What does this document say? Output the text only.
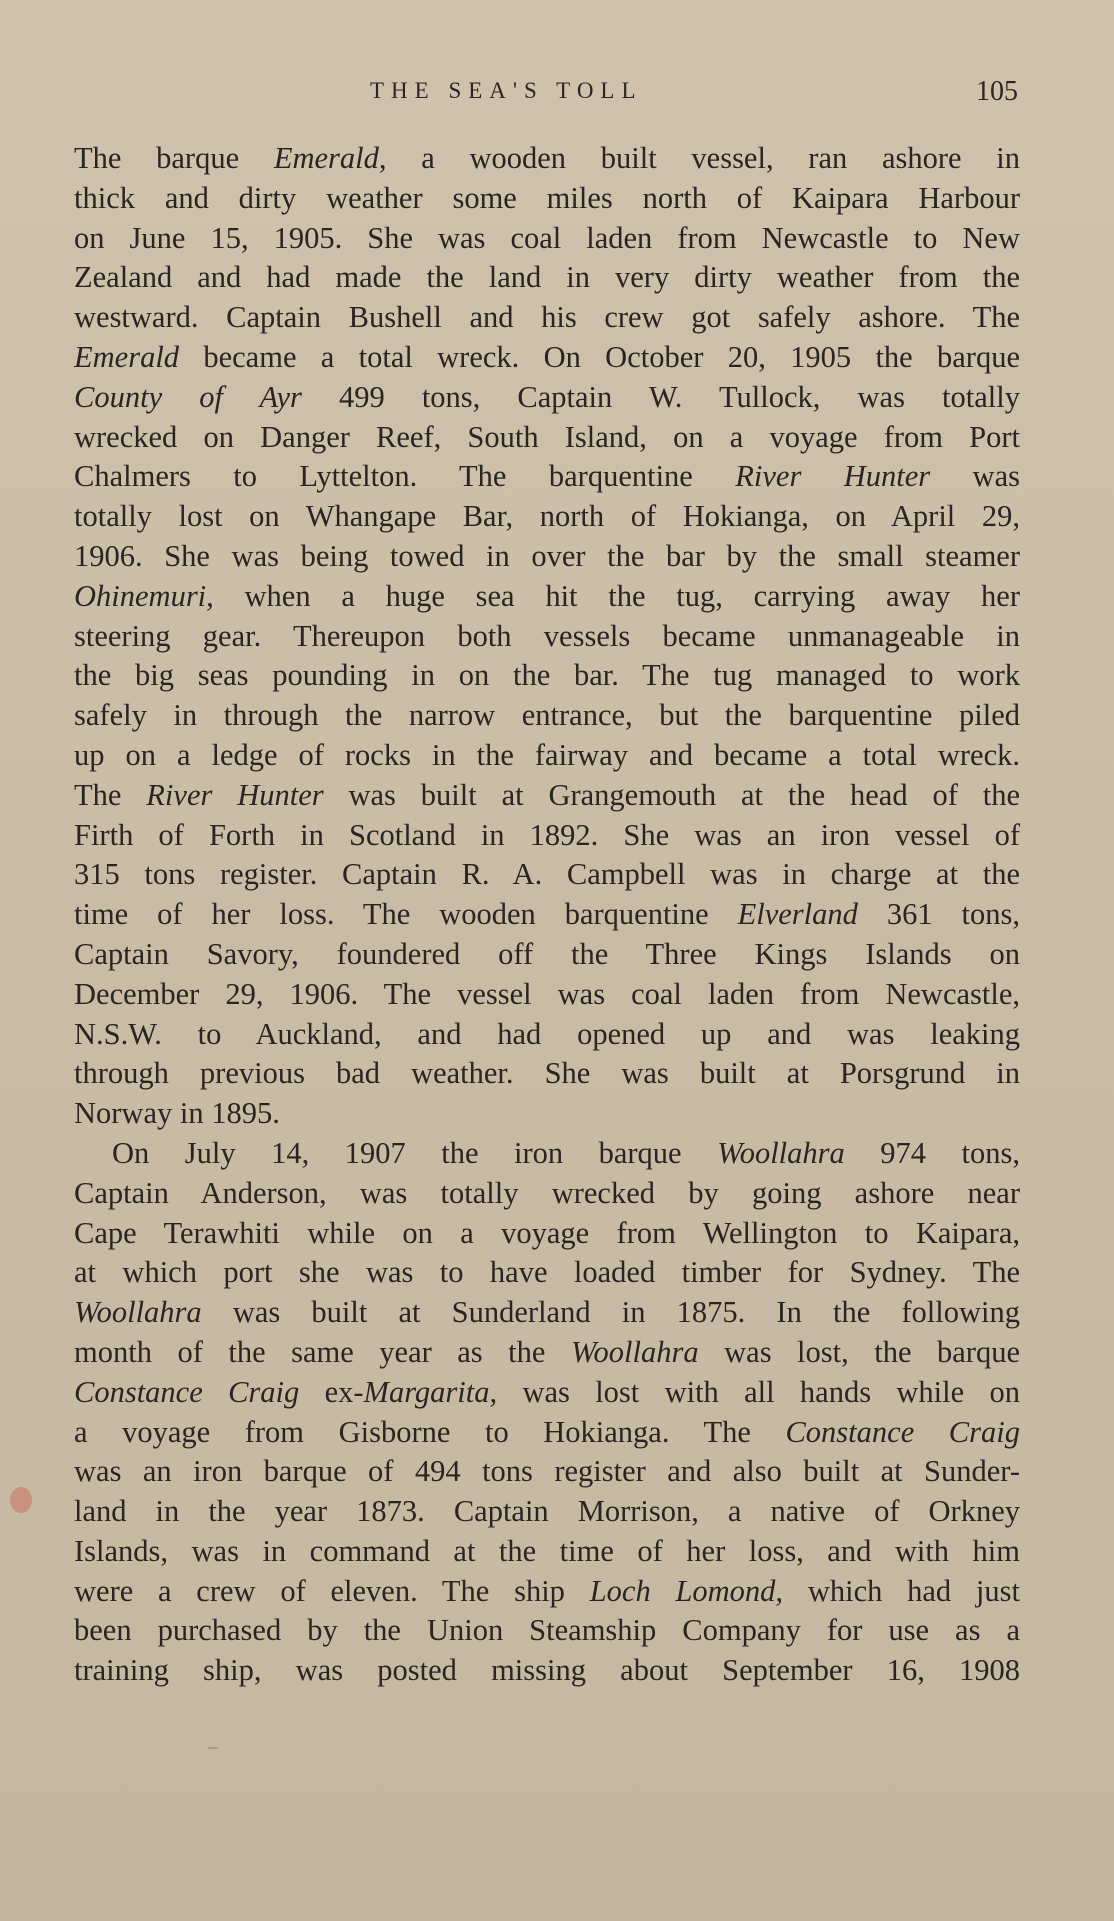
THE SEA'S TOLL	105
The barque Emerald, a wooden built vessel, ran ashore in
thick and dirty weather some miles north of Kaipara Harbour
on June 15, 1905. She was coal laden from Newcastle to New
Zealand and had made the land in very dirty weather from the
westward. Captain Bushell and his crew got safely ashore. The
Emerald became a total wreck. On October 20, 1905 the barque
County of Ayr 499 tons, Captain W. Tullock, was totally
wrecked on Danger Reef, South Island, on a voyage from Port
Chalmers to Lyttelton. The barquentine River Hunter was
totally lost on Whangape Bar, north of Hokianga, on April 29,
1906. She was being towed in over the bar by the small steamer
Ohinemuri, when a huge sea hit the tug, carrying away her
steering gear. Thereupon both vessels became unmanageable in
the big seas pounding in on the bar. The tug managed to work
safely in through the narrow entrance, but the barquentine piled
up on a ledge of rocks in the fairway and became a total wreck.
The River Hunter was built at Grangemouth at the head of the
Firth of Forth in Scotland in 1892. She was an iron vessel of
315 tons register. Captain R. A. Campbell was in charge at the
time of her loss. The wooden barquentine Elverland 361 tons,
Captain Savory, foundered off the Three Kings Islands on
December 29, 1906. The vessel was coal laden from Newcastle,
N.S.W. to Auckland, and had opened up and was leaking
through previous bad weather. She was built at Porsgrund in
Norway in 1895.
On July 14, 1907 the iron barque Woollahra 974 tons,
Captain Anderson, was totally wrecked by going ashore near
Cape Terawhiti while on a voyage from Wellington to Kaipara,
at which port she was to have loaded timber for Sydney. The
Woollahra was built at Sunderland in 1875. In the following
month of the same year as the Woollahra was lost, the barque
Constance Craig ex-Margarita, was lost with all hands while on
a voyage from Gisborne to Hokianga. The Constance Craig
was an iron barque of 494 tons register and also built at Sunder-
land in the year 1873. Captain Morrison, a native of Orkney
Islands, was in command at the time of her loss, and with him
were a crew of eleven. The ship Loch Lomond, which had just
been purchased by the Union Steamship Company for use as a
training ship, was posted missing about September 16, 1908
